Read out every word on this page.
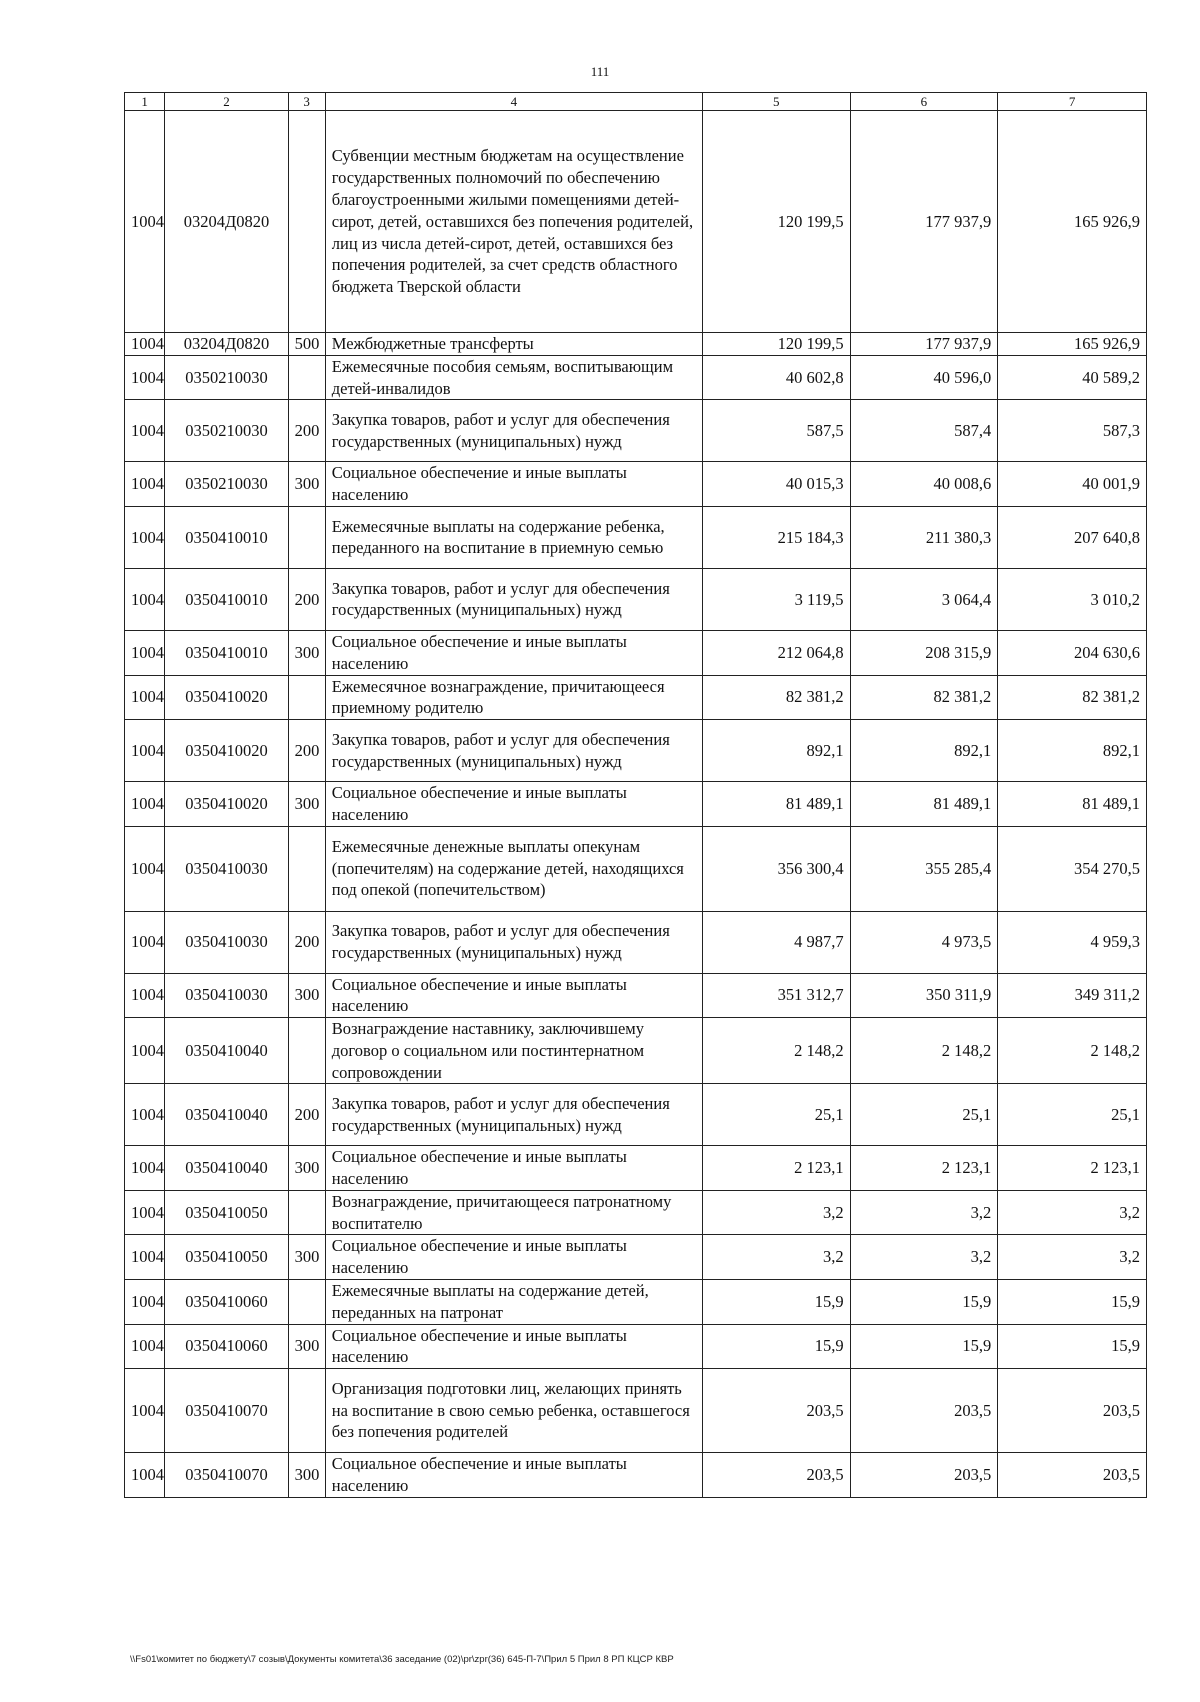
111
1	2	3	4	5	6	7
1004	03204Д0820		Субвенции местным бюджетам на осуществление государственных полномочий по обеспечению благоустроенными жилыми помещениями детей-сирот, детей, оставшихся без попечения родителей, лиц из числа детей-сирот, детей, оставшихся без попечения родителей, за счет средств областного бюджета Тверской области	120 199,5	177 937,9	165 926,9
1004	03204Д0820	500	Межбюджетные трансферты	120 199,5	177 937,9	165 926,9
1004	0350210030		Ежемесячные пособия семьям, воспитывающим детей-инвалидов	40 602,8	40 596,0	40 589,2
1004	0350210030	200	Закупка товаров, работ и услуг для обеспечения государственных (муниципальных) нужд	587,5	587,4	587,3
1004	0350210030	300	Социальное обеспечение и иные выплаты населению	40 015,3	40 008,6	40 001,9
1004	0350410010		Ежемесячные выплаты на содержание ребенка, переданного на воспитание в приемную семью	215 184,3	211 380,3	207 640,8
1004	0350410010	200	Закупка товаров, работ и услуг для обеспечения государственных (муниципальных) нужд	3 119,5	3 064,4	3 010,2
1004	0350410010	300	Социальное обеспечение и иные выплаты населению	212 064,8	208 315,9	204 630,6
1004	0350410020		Ежемесячное вознаграждение, причитающееся приемному родителю	82 381,2	82 381,2	82 381,2
1004	0350410020	200	Закупка товаров, работ и услуг для обеспечения государственных (муниципальных) нужд	892,1	892,1	892,1
1004	0350410020	300	Социальное обеспечение и иные выплаты населению	81 489,1	81 489,1	81 489,1
1004	0350410030		Ежемесячные денежные выплаты опекунам (попечителям) на содержание детей, находящихся под опекой (попечительством)	356 300,4	355 285,4	354 270,5
1004	0350410030	200	Закупка товаров, работ и услуг для обеспечения государственных (муниципальных) нужд	4 987,7	4 973,5	4 959,3
1004	0350410030	300	Социальное обеспечение и иные выплаты населению	351 312,7	350 311,9	349 311,2
1004	0350410040		Вознаграждение наставнику, заключившему договор о социальном или постинтернатном сопровождении	2 148,2	2 148,2	2 148,2
1004	0350410040	200	Закупка товаров, работ и услуг для обеспечения государственных (муниципальных) нужд	25,1	25,1	25,1
1004	0350410040	300	Социальное обеспечение и иные выплаты населению	2 123,1	2 123,1	2 123,1
1004	0350410050		Вознаграждение, причитающееся патронатному воспитателю	3,2	3,2	3,2
1004	0350410050	300	Социальное обеспечение и иные выплаты населению	3,2	3,2	3,2
1004	0350410060		Ежемесячные выплаты на содержание детей, переданных на патронат	15,9	15,9	15,9
1004	0350410060	300	Социальное обеспечение и иные выплаты населению	15,9	15,9	15,9
1004	0350410070		Организация подготовки лиц, желающих принять на воспитание в свою семью ребенка, оставшегося без попечения родителей	203,5	203,5	203,5
1004	0350410070	300	Социальное обеспечение и иные выплаты населению	203,5	203,5	203,5
\\Fs01\комитет по бюджету\7 созыв\Документы комитета\36 заседание (02)\pr\zpr(36) 645-П-7\Прил 5 Прил 8 РП КЦСР КВР
